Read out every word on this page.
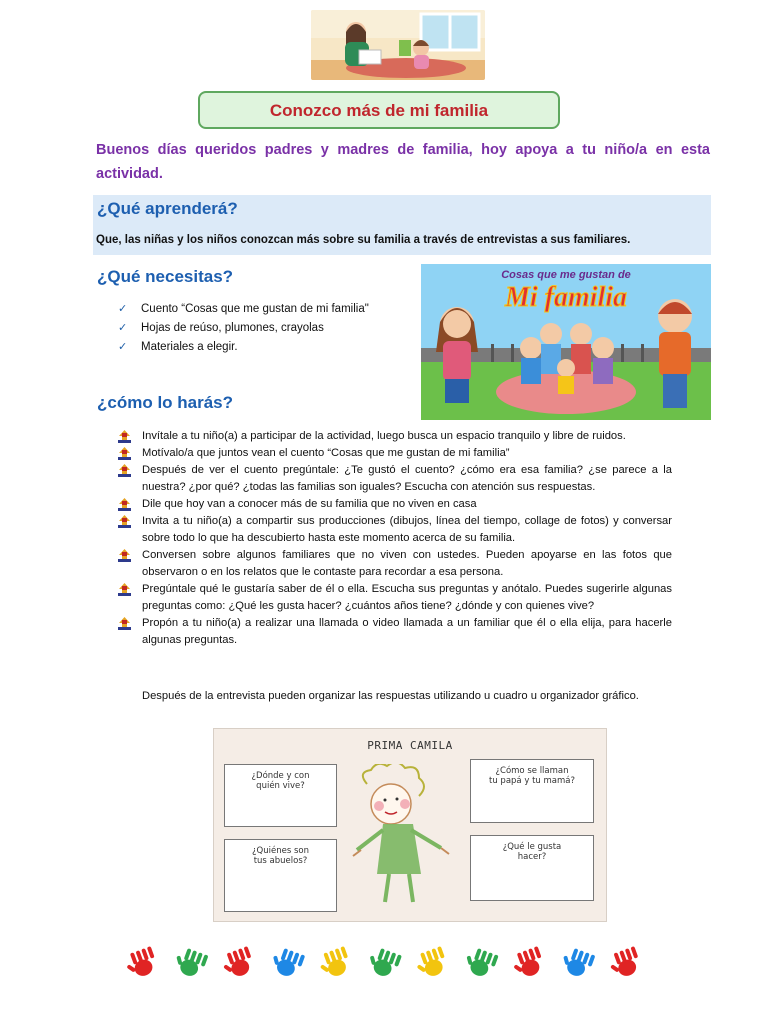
Conozco más de mi familia
Buenos días queridos padres y madres de familia, hoy apoya a tu niño/a en esta actividad.
¿Qué aprenderá?
Que, las niñas y los niños conozcan más sobre su familia a través de entrevistas a sus familiares.
¿Qué necesitas?
✓ Cuento “Cosas que me gustan de mi familia"
✓ Hojas de reúso, plumones, crayolas
✓ Materiales a elegir.
Cosas que me gustan de
Mi familia
¿cómo lo harás?
Invítale a tu niño(a) a participar de la actividad, luego busca un espacio tranquilo y libre de ruidos.
Motívalo/a que juntos vean el cuento “Cosas que me gustan de mi familia”
Después de ver el cuento pregúntale: ¿Te gustó el cuento? ¿cómo era esa familia? ¿se parece a la nuestra? ¿por qué? ¿todas las familias son iguales? Escucha con atención sus respuestas.
Dile que hoy van a conocer más de su familia que no viven en casa
Invita a tu niño(a) a compartir sus producciones (dibujos, línea del tiempo, collage de fotos) y conversar sobre todo lo que ha descubierto hasta este momento acerca de su familia.
Conversen sobre algunos familiares que no viven con ustedes. Pueden apoyarse en las fotos que observaron o en los relatos que le contaste para recordar a esa persona.
Pregúntale qué le gustaría saber de él o ella. Escucha sus preguntas y anótalo. Puedes sugerirle algunas preguntas como: ¿Qué les gusta hacer? ¿cuántos años tiene? ¿dónde y con quienes vive?
Propón a tu niño(a) a realizar una llamada o video llamada a un familiar que él o ella elija, para hacerle algunas preguntas.
Después de la entrevista pueden organizar las respuestas utilizando u cuadro u organizador gráfico.
PRIMA CAMILA
¿Dónde y con
quién vive?
¿Cómo se llaman
tu papá y tu mamá?
¿Quiénes son
tus abuelos?
¿Qué le gusta
hacer?
